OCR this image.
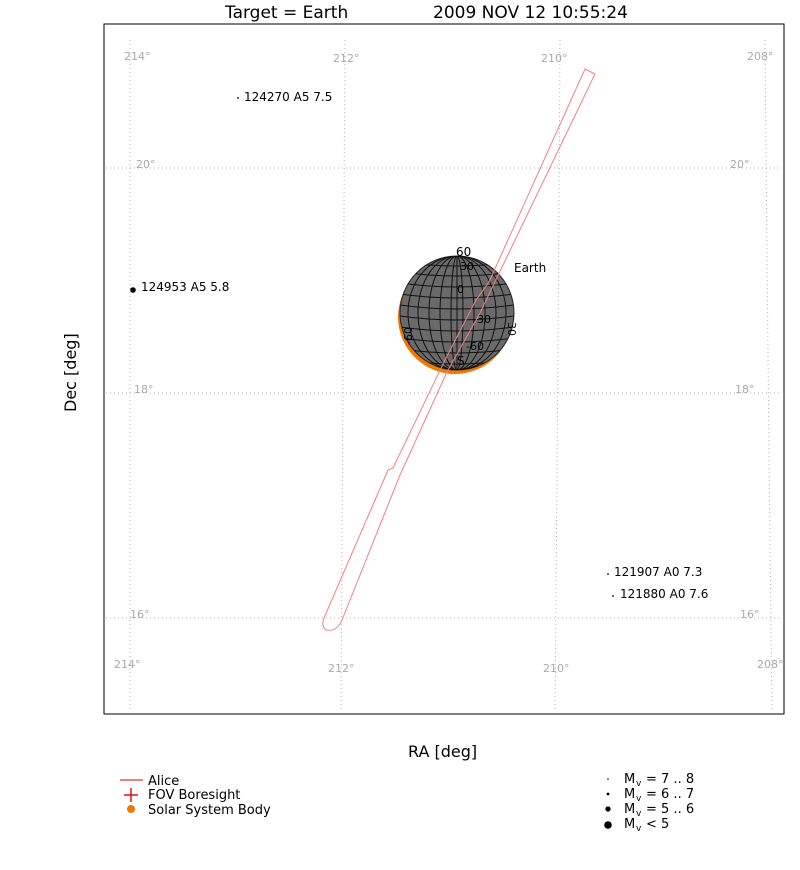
Target = Earth	2009 NOV 12 10:55:24
214°	212°	210°	208°
214°	212°	210°	208°
20°
18°
16°
20°
18°
16°
RA [deg]
Dec [deg]
124270 A5 7.5
124953 A5 5.8
121907 A0 7.3
121880 A0 7.6
60
30
0
-30
-60
S
-60	30
Earth
Alice
FOV Boresight
Solar System Body
M v = 7 .. 8
M v = 6 .. 7
M v = 5 .. 6
M v < 5
